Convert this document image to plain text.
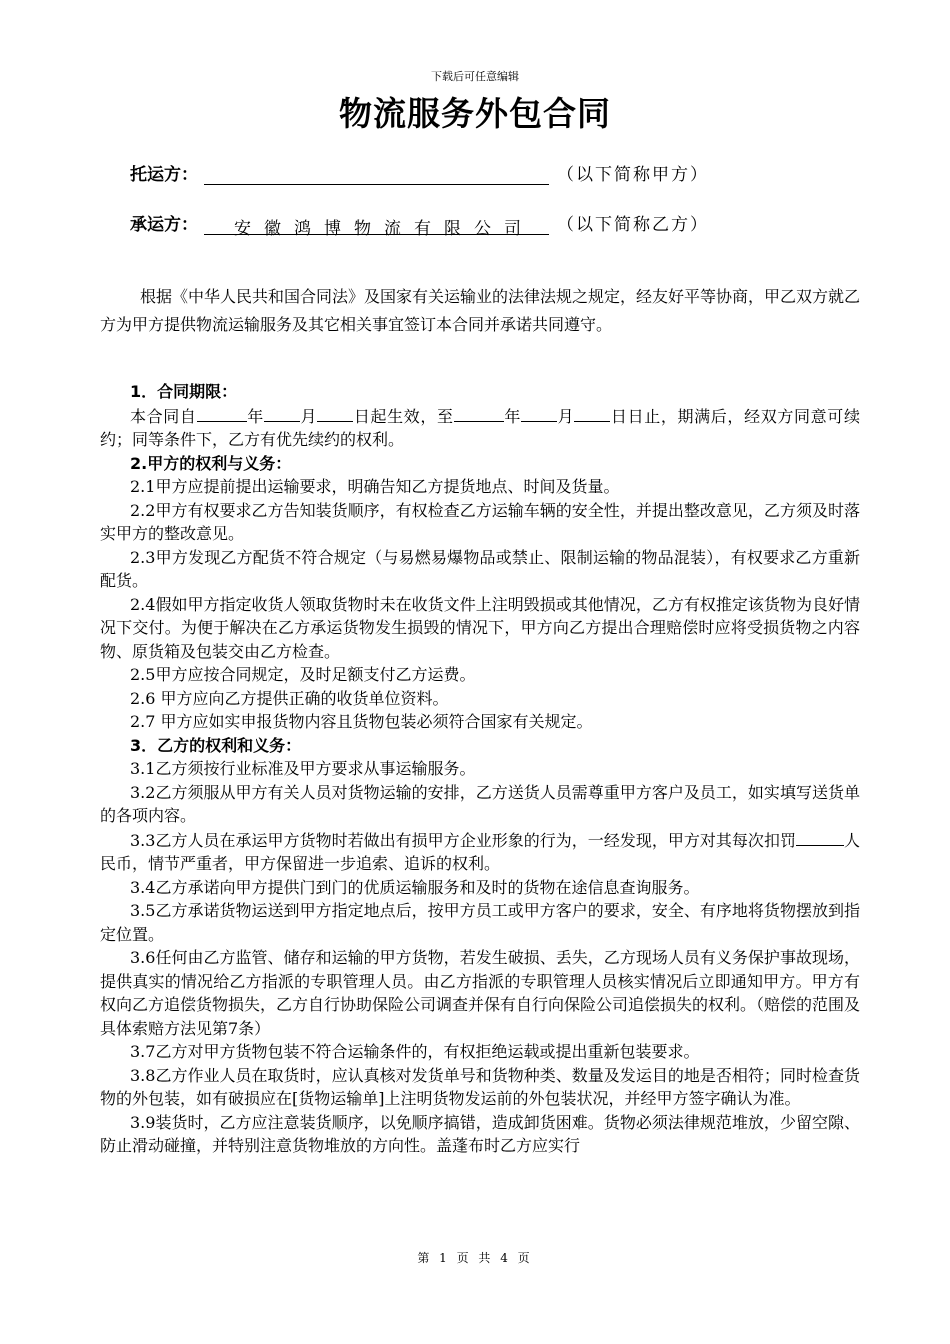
下载后可任意编辑
物流服务外包合同
托运方：	（以下简称甲方）
承运方： 安徽鸿博物流有限公司 （以下简称乙方）

根据《中华人民共和国合同法》及国家有关运输业的法律法规之规定，经友好平等协商，甲乙双方就乙方为甲方提供物流运输服务及其它相关事宜签订本合同并承诺共同遵守。

1．合同期限：

本合同自	年 月 日起生效，至	年 月 日日止，期满后，经双方同意可续约；同等条件下，乙方有优先续约的权利。

2.甲方的权利与义务：

2.1甲方应提前提出运输要求，明确告知乙方提货地点、时间及货量。

2.2甲方有权要求乙方告知装货顺序，有权检查乙方运输车辆的安全性，并提出整改意见，乙方须及时落实甲方的整改意见。

2.3甲方发现乙方配货不符合规定（与易燃易爆物品或禁止、限制运输的物品混装），有权要求乙方重新配货。

2.4假如甲方指定收货人领取货物时未在收货文件上注明毁损或其他情况，乙方有权推定该货物为良好情况下交付。为便于解决在乙方承运货物发生损毁的情况下，甲方向乙方提出合理赔偿时应将受损货物之内容物、原货箱及包装交由乙方检查。

2.5甲方应按合同规定，及时足额支付乙方运费。

2.6 甲方应向乙方提供正确的收货单位资料。

2.7 甲方应如实申报货物内容且货物包装必须符合国家有关规定。

3．乙方的权利和义务：

3.1乙方须按行业标准及甲方要求从事运输服务。

3.2乙方须服从甲方有关人员对货物运输的安排，乙方送货人员需尊重甲方客户及员工，如实填写送货单的各项内容。

3.3乙方人员在承运甲方货物时若做出有损甲方企业形象的行为，一经发现，甲方对其每次扣罚	人民币，情节严重者，甲方保留进一步追索、追诉的权利。

3.4乙方承诺向甲方提供门到门的优质运输服务和及时的货物在途信息查询服务。

3.5乙方承诺货物运送到甲方指定地点后，按甲方员工或甲方客户的要求，安全、有序地将货物摆放到指定位置。

3.6任何由乙方监管、储存和运输的甲方货物，若发生破损、丢失，乙方现场人员有义务保护事故现场，提供真实的情况给乙方指派的专职管理人员。由乙方指派的专职管理人员核实情况后立即通知甲方。甲方有权向乙方追偿货物损失，乙方自行协助保险公司调查并保有自行向保险公司追偿损失的权利。（赔偿的范围及具体索赔方法见第7条）

3.7乙方对甲方货物包装不符合运输条件的，有权拒绝运载或提出重新包装要求。

3.8乙方作业人员在取货时，应认真核对发货单号和货物种类、数量及发运目的地是否相符；同时检查货物的外包装，如有破损应在[货物运输单]上注明货物发运前的外包装状况，并经甲方签字确认为准。

3.9装货时，乙方应注意装货顺序，以免顺序搞错，造成卸货困难。货物必须法律规范堆放，少留空隙、防止滑动碰撞，并特别注意货物堆放的方向性。盖蓬布时乙方应实行

第 1 页 共 4 页
